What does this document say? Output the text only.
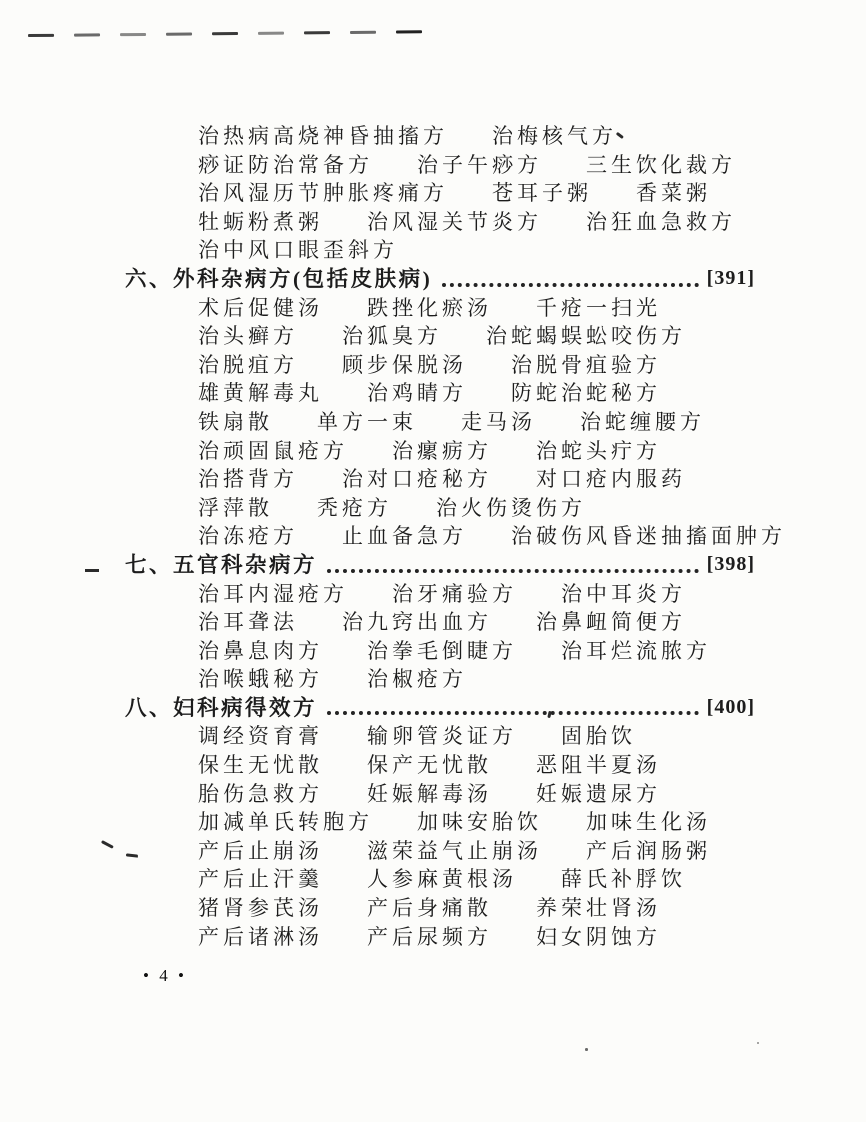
治热病高烧神昏抽搐方 治梅核气方
痧证防治常备方 治子午痧方 三生饮化裁方
治风湿历节肿胀疼痛方 苍耳子粥 香菜粥
牡蛎粉煮粥 治风湿关节炎方 治狂血急救方
治中风口眼歪斜方
六、外科杂病方(包括皮肤病)	[391]
术后促健汤 跌挫化瘀汤 千疮一扫光
治头癣方 治狐臭方 治蛇蝎蜈蚣咬伤方
治脱疽方 顾步保脱汤 治脱骨疽验方
雄黄解毒丸 治鸡睛方 防蛇治蛇秘方
铁扇散 单方一束 走马汤 治蛇缠腰方
治顽固鼠疮方 治瘰疬方 治蛇头疔方
治搭背方 治对口疮秘方 对口疮内服药
浮萍散 秃疮方 治火伤烫伤方
治冻疮方 止血备急方 治破伤风昏迷抽搐面肿方
七、五官科杂病方	[398]
治耳内湿疮方 治牙痛验方 治中耳炎方
治耳聋法 治九窍出血方 治鼻衄简便方
治鼻息肉方 治拳毛倒睫方 治耳烂流脓方
治喉蛾秘方 治椒疮方
八、妇科病得效方	[400]
调经资育膏 输卵管炎证方 固胎饮
保生无忧散 保产无忧散 恶阻半夏汤
胎伤急救方 妊娠解毒汤 妊娠遗尿方
加减单氏转胞方 加味安胎饮 加味生化汤
产后止崩汤 滋荣益气止崩汤 产后润肠粥
产后止汗羹 人参麻黄根汤 薛氏补脬饮
猪肾参芪汤 产后身痛散 养荣壮肾汤
产后诸淋汤 产后尿频方 妇女阴蚀方
• 4 •
